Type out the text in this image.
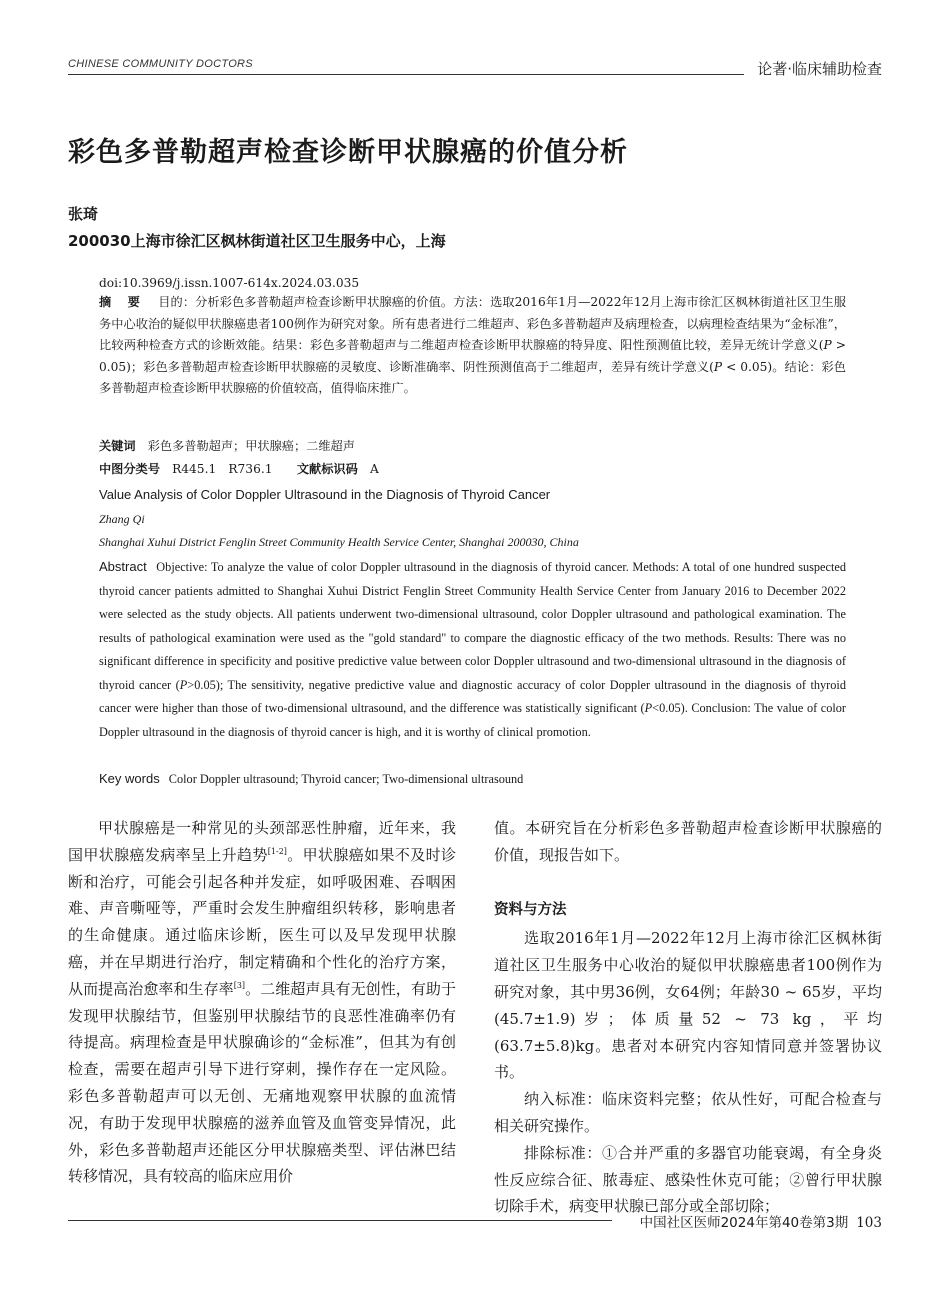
CHINESE COMMUNITY DOCTORS	论著·临床辅助检查
彩色多普勒超声检查诊断甲状腺癌的价值分析
张琦
200030上海市徐汇区枫林街道社区卫生服务中心，上海
doi:10.3969/j.issn.1007-614x.2024.03.035
摘 要　 目的：分析彩色多普勒超声检查诊断甲状腺癌的价值。方法：选取2016年1月—2022年12月上海市徐汇区枫林街道社区卫生服务中心收治的疑似甲状腺癌患者100例作为研究对象。所有患者进行二维超声、彩色多普勒超声及病理检查，以病理检查结果为“金标准”，比较两种检查方式的诊断效能。结果：彩色多普勒超声与二维超声检查诊断甲状腺癌的特异度、阳性预测值比较，差异无统计学意义(P > 0.05)；彩色多普勒超声检查诊断甲状腺癌的灵敏度、诊断准确率、阴性预测值高于二维超声，差异有统计学意义(P < 0.05)。结论：彩色多普勒超声检查诊断甲状腺癌的价值较高，值得临床推广。
关键词　 彩色多普勒超声；甲状腺癌；二维超声
中图分类号　 R445.1　R736.1　　 文献标识码　 A
Value Analysis of Color Doppler Ultrasound in the Diagnosis of Thyroid Cancer
Zhang Qi
Shanghai Xuhui District Fenglin Street Community Health Service Center, Shanghai 200030, China
Abstract Objective: To analyze the value of color Doppler ultrasound in the diagnosis of thyroid cancer. Methods: A total of one hundred suspected thyroid cancer patients admitted to Shanghai Xuhui District Fenglin Street Community Health Service Center from January 2016 to December 2022 were selected as the study objects. All patients underwent two-dimensional ultrasound, color Doppler ultrasound and pathological examination. The results of pathological examination were used as the "gold standard" to compare the diagnostic efficacy of the two methods. Results: There was no significant difference in specificity and positive predictive value between color Doppler ultrasound and two-dimensional ultrasound in the diagnosis of thyroid cancer (P>0.05); The sensitivity, negative predictive value and diagnostic accuracy of color Doppler ultrasound in the diagnosis of thyroid cancer were higher than those of two-dimensional ultrasound, and the difference was statistically significant (P<0.05). Conclusion: The value of color Doppler ultrasound in the diagnosis of thyroid cancer is high, and it is worthy of clinical promotion.
Key words Color Doppler ultrasound; Thyroid cancer; Two-dimensional ultrasound

甲状腺癌是一种常见的头颈部恶性肿瘤，近年来，我国甲状腺癌发病率呈上升趋势[1-2]。甲状腺癌如果不及时诊断和治疗，可能会引起各种并发症，如呼吸困难、吞咽困难、声音嘶哑等，严重时会发生肿瘤组织转移，影响患者的生命健康。通过临床诊断，医生可以及早发现甲状腺癌，并在早期进行治疗，制定精确和个性化的治疗方案，从而提高治愈率和生存率[3]。二维超声具有无创性，有助于发现甲状腺结节，但鉴别甲状腺结节的良恶性准确率仍有待提高。病理检查是甲状腺确诊的“金标准”，但其为有创检查，需要在超声引导下进行穿刺，操作存在一定风险。彩色多普勒超声可以无创、无痛地观察甲状腺的血流情况，有助于发现甲状腺癌的滋养血管及血管变异情况，此外，彩色多普勒超声还能区分甲状腺癌类型、评估淋巴结转移情况，具有较高的临床应用价

值。本研究旨在分析彩色多普勒超声检查诊断甲状腺癌的价值，现报告如下。

资料与方法

选取2016年1月—2022年12月上海市徐汇区枫林街道社区卫生服务中心收治的疑似甲状腺癌患者100例作为研究对象，其中男36例，女64例；年龄30 ~ 65岁，平均(45.7±1.9)岁；体质量52 ~ 73 kg，平均(63.7±5.8)kg。患者对本研究内容知情同意并签署协议书。

纳入标准：临床资料完整；依从性好，可配合检查与相关研究操作。

排除标准：①合并严重的多器官功能衰竭，有全身炎性反应综合征、脓毒症、感染性休克可能；②曾行甲状腺切除手术，病变甲状腺已部分或全部切除；

中国社区医师2024年第40卷第3期 103
